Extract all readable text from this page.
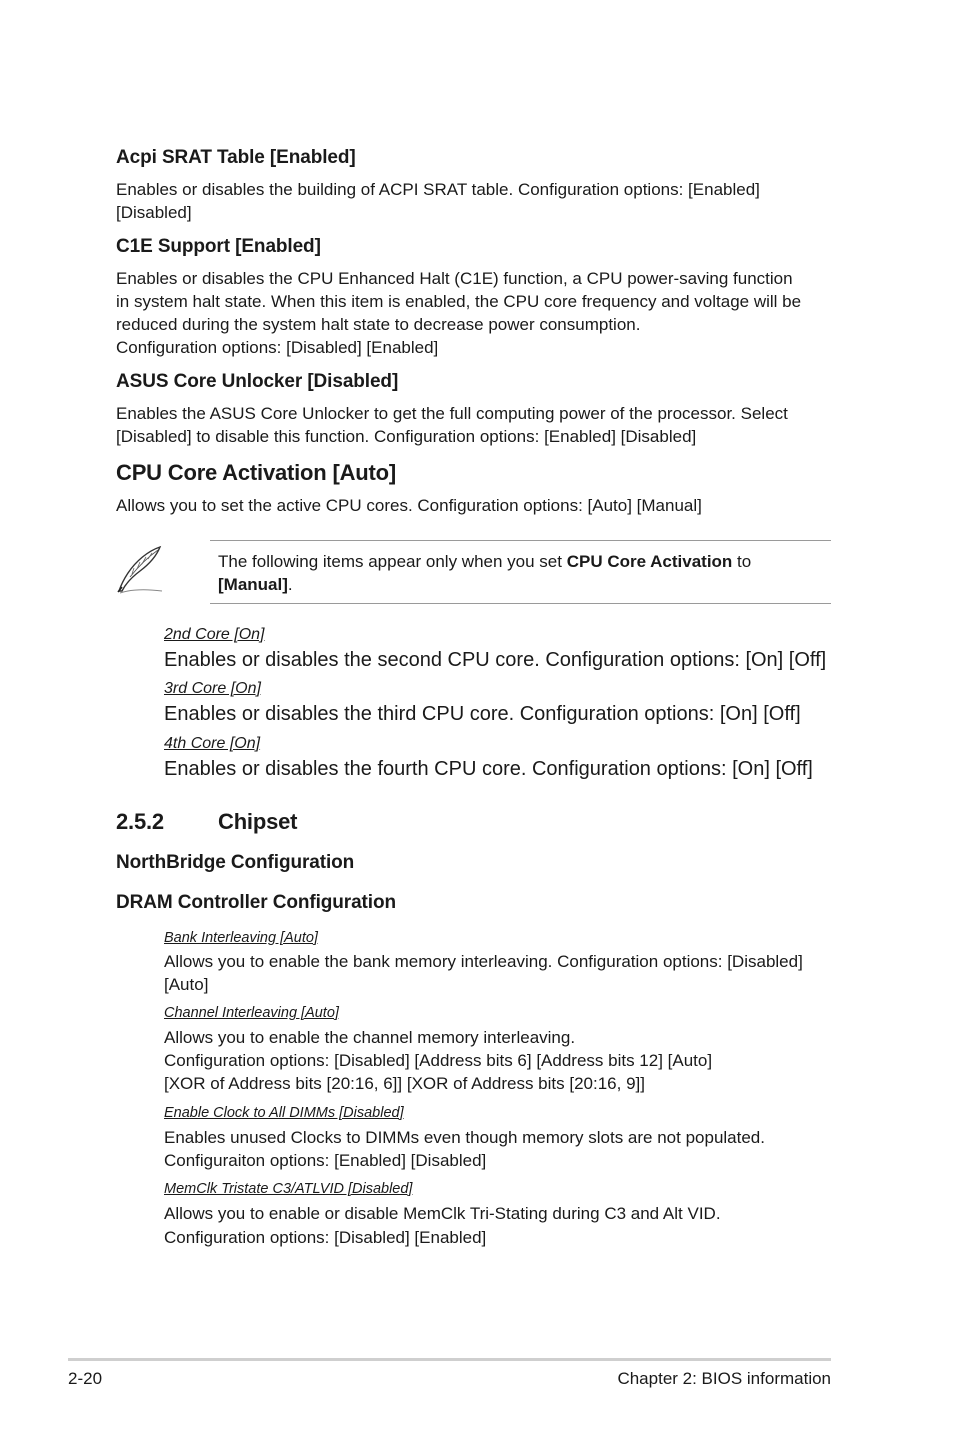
Acpi SRAT Table [Enabled]
Enables or disables the building of ACPI SRAT table. Configuration options: [Enabled]
[Disabled]
C1E Support [Enabled]
Enables or disables the CPU Enhanced Halt (C1E) function, a CPU power-saving function
in system halt state. When this item is enabled, the CPU core frequency and voltage will be
reduced during the system halt state to decrease power consumption.
Configuration options: [Disabled] [Enabled]
ASUS Core Unlocker [Disabled]
Enables the ASUS Core Unlocker to get the full computing power of the processor. Select
[Disabled] to disable this function. Configuration options: [Enabled] [Disabled]
CPU Core Activation [Auto]
Allows you to set the active CPU cores. Configuration options: [Auto] [Manual]
The following items appear only when you set CPU Core Activation to
[Manual].
2nd Core [On]
Enables or disables the second CPU core. Configuration options: [On] [Off]
3rd Core [On]
Enables or disables the third CPU core. Configuration options: [On] [Off]
4th Core [On]
Enables or disables the fourth CPU core. Configuration options: [On] [Off]
2.5.2 Chipset
NorthBridge Configuration
DRAM Controller Configuration
Bank Interleaving [Auto]
Allows you to enable the bank memory interleaving. Configuration options: [Disabled]
[Auto]
Channel Interleaving [Auto]
Allows you to enable the channel memory interleaving.
Configuration options: [Disabled] [Address bits 6] [Address bits 12] [Auto]
[XOR of Address bits [20:16, 6]] [XOR of Address bits [20:16, 9]]
Enable Clock to All DIMMs [Disabled]
Enables unused Clocks to DIMMs even though memory slots are not populated.
Configuraiton options: [Enabled] [Disabled]
MemClk Tristate C3/ATLVID [Disabled]
Allows you to enable or disable MemClk Tri-Stating during C3 and Alt VID.
Configuration options: [Disabled] [Enabled]
2-20	Chapter 2: BIOS information
